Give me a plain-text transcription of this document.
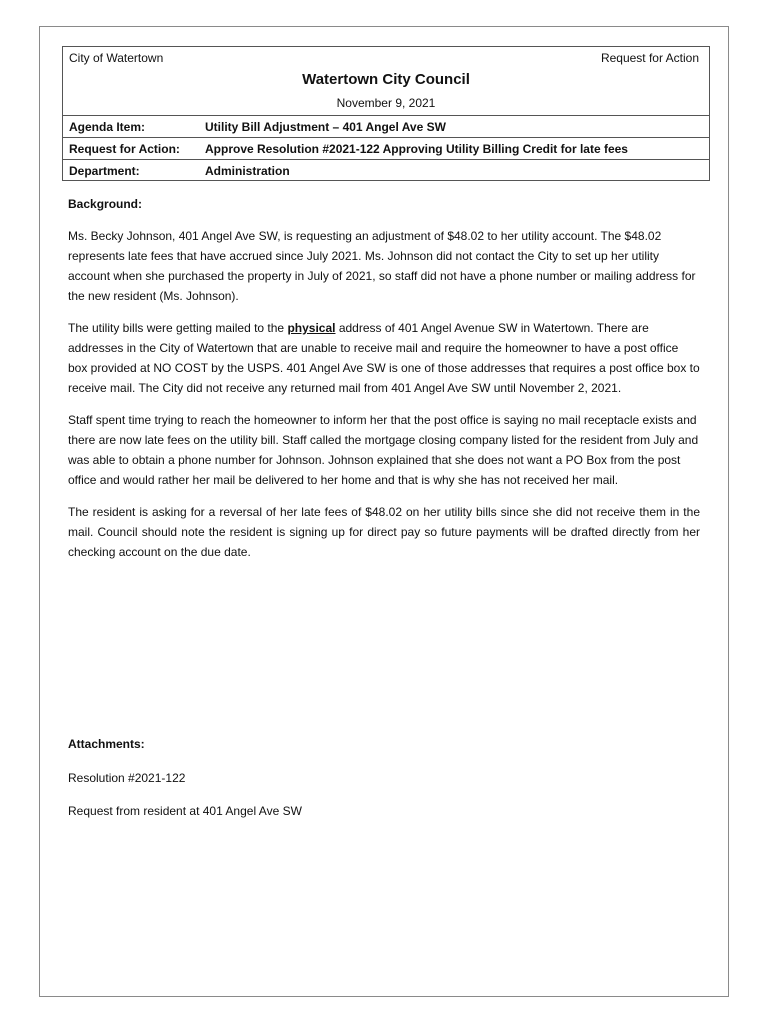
City of Watertown	Request for Action
Watertown City Council
November 9, 2021
Agenda Item:	Utility Bill Adjustment – 401 Angel Ave SW
Request for Action: Approve Resolution #2021-122 Approving Utility Billing Credit for late fees
Department:	Administration

Background:

Ms. Becky Johnson, 401 Angel Ave SW, is requesting an adjustment of $48.02 to her utility account. The $48.02 represents late fees that have accrued since July 2021. Ms. Johnson did not contact the City to set up her utility account when she purchased the property in July of 2021, so staff did not have a phone number or mailing address for the new resident (Ms. Johnson).

The utility bills were getting mailed to the physical address of 401 Angel Avenue SW in Watertown. There are addresses in the City of Watertown that are unable to receive mail and require the homeowner to have a post office box provided at NO COST by the USPS. 401 Angel Ave SW is one of those addresses that requires a post office box to receive mail. The City did not receive any returned mail from 401 Angel Ave SW until November 2, 2021.

Staff spent time trying to reach the homeowner to inform her that the post office is saying no mail receptacle exists and there are now late fees on the utility bill. Staff called the mortgage closing company listed for the resident from July and was able to obtain a phone number for Johnson. Johnson explained that she does not want a PO Box from the post office and would rather her mail be delivered to her home and that is why she has not received her mail.

The resident is asking for a reversal of her late fees of $48.02 on her utility bills since she did not receive them in the mail. Council should note the resident is signing up for direct pay so future payments will be drafted directly from her checking account on the due date.

Attachments:
Resolution #2021-122
Request from resident at 401 Angel Ave SW
